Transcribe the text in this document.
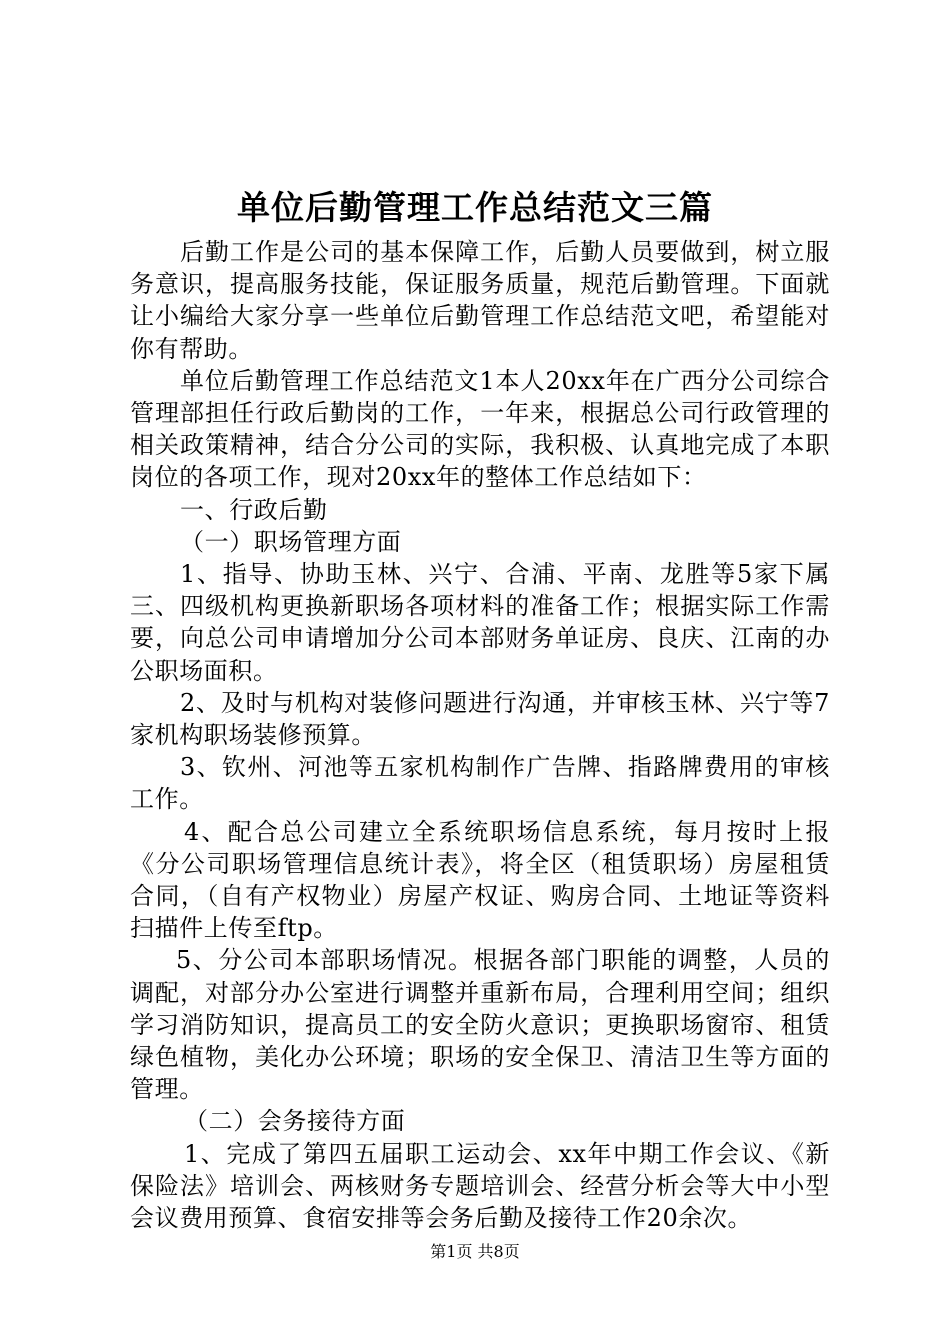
单位后勤管理工作总结范文三篇

后勤工作是公司的基本保障工作，后勤人员要做到，树立服务意识，提高服务技能，保证服务质量，规范后勤管理。下面就让小编给大家分享一些单位后勤管理工作总结范文吧，希望能对你有帮助。

单位后勤管理工作总结范文1本人20xx年在广西分公司综合管理部担任行政后勤岗的工作，一年来，根据总公司行政管理的相关政策精神，结合分公司的实际，我积极、认真地完成了本职岗位的各项工作，现对20xx年的整体工作总结如下：

一、行政后勤

（一）职场管理方面

1、指导、协助玉林、兴宁、合浦、平南、龙胜等5家下属三、四级机构更换新职场各项材料的准备工作；根据实际工作需要，向总公司申请增加分公司本部财务单证房、良庆、江南的办公职场面积。

2、及时与机构对装修问题进行沟通，并审核玉林、兴宁等7家机构职场装修预算。

3、钦州、河池等五家机构制作广告牌、指路牌费用的审核工作。

4、配合总公司建立全系统职场信息系统，每月按时上报《分公司职场管理信息统计表》，将全区（租赁职场）房屋租赁合同，（自有产权物业）房屋产权证、购房合同、土地证等资料扫描件上传至ftp。

5、分公司本部职场情况。根据各部门职能的调整，人员的调配，对部分办公室进行调整并重新布局，合理利用空间；组织学习消防知识，提高员工的安全防火意识；更换职场窗帘、租赁绿色植物，美化办公环境；职场的安全保卫、清洁卫生等方面的管理。

（二）会务接待方面

1、完成了第四五届职工运动会、xx年中期工作会议、《新保险法》培训会、两核财务专题培训会、经营分析会等大中小型会议费用预算、食宿安排等会务后勤及接待工作20余次。

第1页 共8页
